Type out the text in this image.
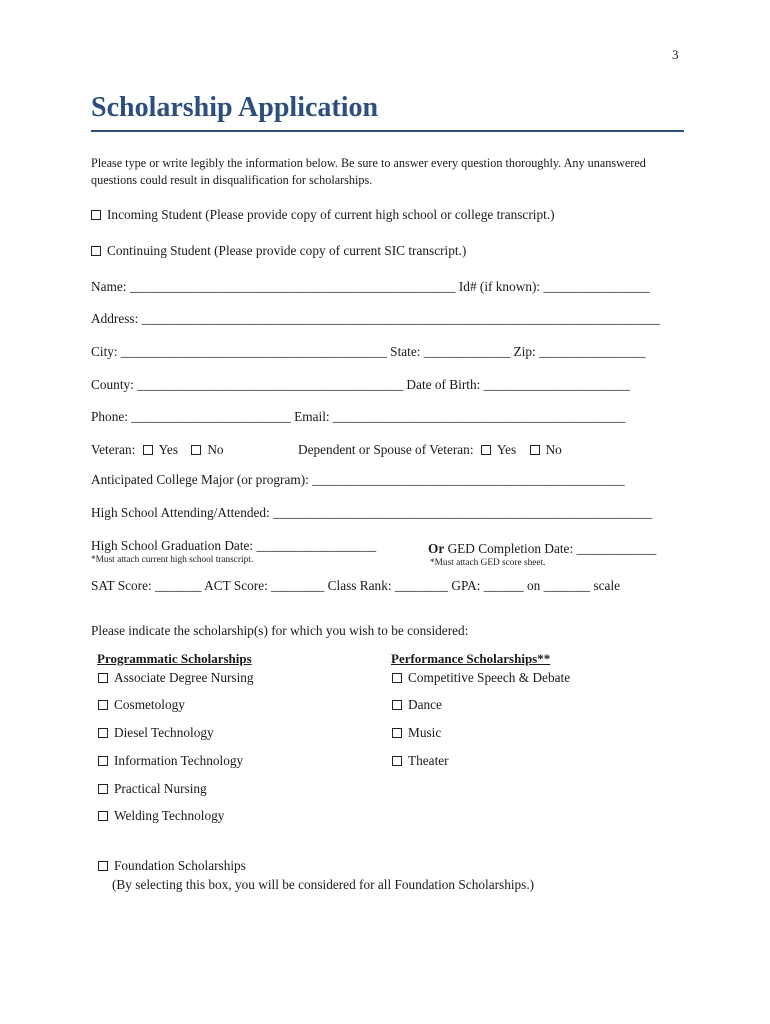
3
Scholarship Application
Please type or write legibly the information below. Be sure to answer every question thoroughly. Any unanswered questions could result in disqualification for scholarships.
Incoming Student (Please provide copy of current high school or college transcript.)
Continuing Student (Please provide copy of current SIC transcript.)
Name: _________________________________________________ Id# (if known): ________________
Address: ______________________________________________________________________________
City: ________________________________________ State: _____________ Zip: ________________
County: ________________________________________ Date of Birth: ______________________
Phone: ________________________ Email: ____________________________________________
Veteran: Yes No	Dependent or Spouse of Veteran: Yes No
Anticipated College Major (or program): _______________________________________________
High School Attending/Attended: _________________________________________________________
High School Graduation Date: __________________
*Must attach current high school transcript.
Or GED Completion Date: ____________
*Must attach GED score sheet.
SAT Score: _______ ACT Score: ________ Class Rank: ________ GPA: ______ on _______ scale
Please indicate the scholarship(s) for which you wish to be considered:
Programmatic Scholarships	Performance Scholarships**
Associate Degree Nursing
Cosmetology
Diesel Technology
Information Technology
Practical Nursing
Welding Technology
Competitive Speech & Debate
Dance
Music
Theater
Foundation Scholarships
(By selecting this box, you will be considered for all Foundation Scholarships.)
